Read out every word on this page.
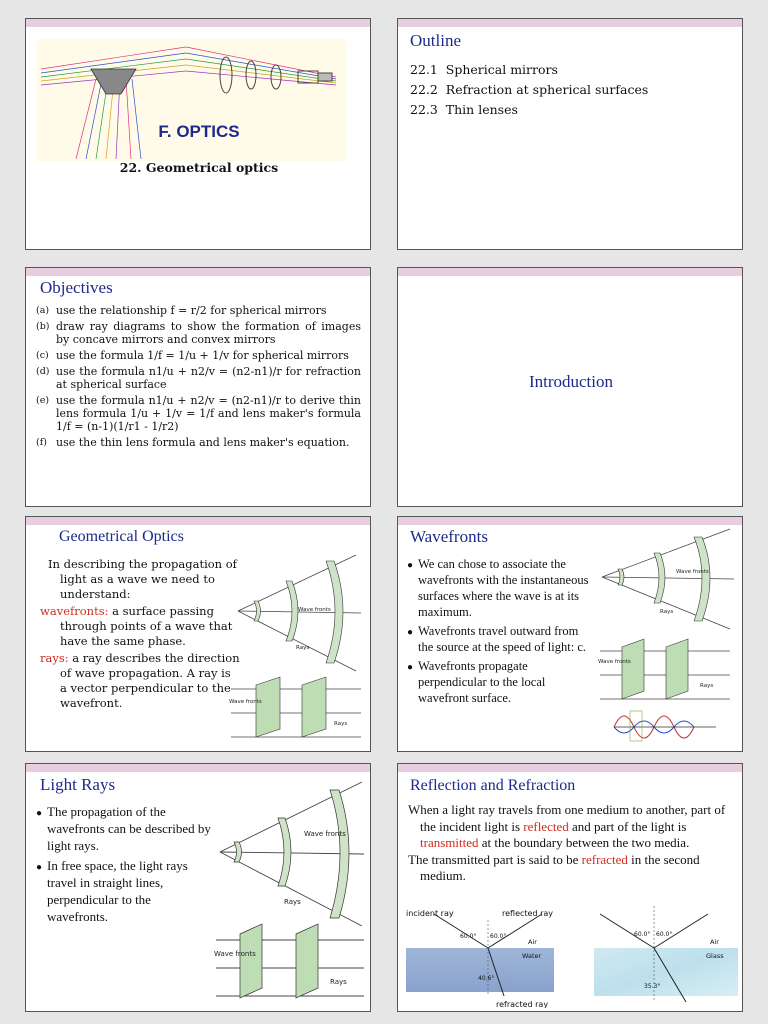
F. OPTICS
22. Geometrical optics
Outline
22.1 Spherical mirrors
22.2 Refraction at spherical surfaces
22.3 Thin lenses
Objectives
(a) use the relationship f = r/2 for spherical mirrors
(b) draw ray diagrams to show the formation of images by concave mirrors and convex mirrors
(c) use the formula 1/f = 1/u + 1/v for spherical mirrors
(d) use the formula n1/u + n2/v = (n2-n1)/r for refraction at spherical surface
(e) use the formula n1/u + n2/v = (n2-n1)/r to derive thin lens formula 1/u + 1/v = 1/f and lens maker's formula 1/f = (n-1)(1/r1 - 1/r2)
(f) use the thin lens formula and lens maker's equation.
Introduction
Geometrical Optics
In describing the propagation of light as a wave we need to understand:
wavefronts: a surface passing through points of a wave that have the same phase.
rays: a ray describes the direction of wave propagation. A ray is a vector perpendicular to the wavefront.
Wave fronts
Rays
Wave fronts
Rays
Wavefronts
● We can chose to associate the wavefronts with the instantaneous surfaces where the wave is at its maximum.
● Wavefronts travel outward from the source at the speed of light: c.
● Wavefronts propagate perpendicular to the local wavefront surface.
Wave fronts
Rays
Wave fronts
Rays
Light Rays
● The propagation of the wavefronts can be described by light rays.
● In free space, the light rays travel in straight lines, perpendicular to the wavefronts.
Wave fronts
Rays
Wave fronts
Rays
Reflection and Refraction
When a light ray travels from one medium to another, part of the incident light is reflected and part of the light is transmitted at the boundary between the two media.
The transmitted part is said to be refracted in the second medium.
incident ray	reflected ray
60.0° 60.0°
Air
Water
40.6°
refracted ray
60.0° 60.0°
Air
Glass
35.3°
